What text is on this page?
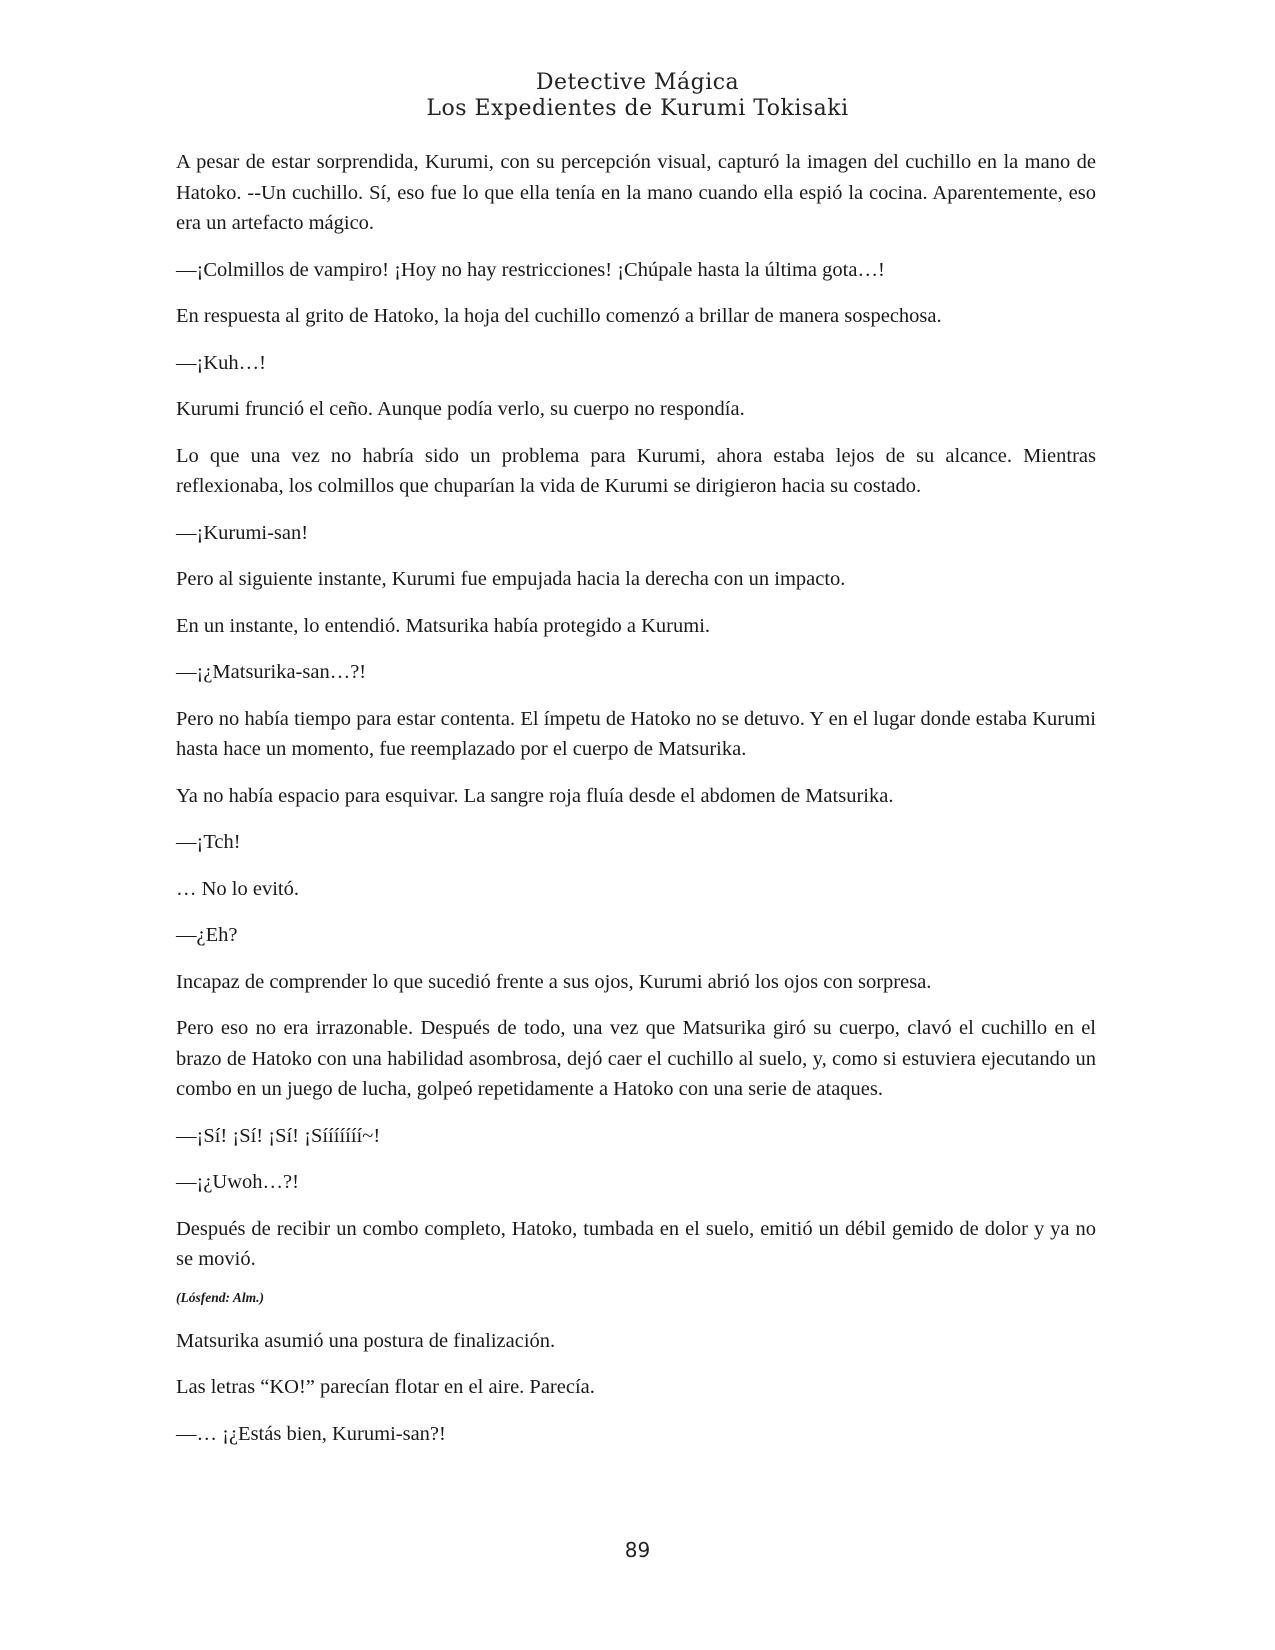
Detective Mágica
Los Expedientes de Kurumi Tokisaki

A pesar de estar sorprendida, Kurumi, con su percepción visual, capturó la imagen del cuchillo en la mano de Hatoko. --Un cuchillo. Sí, eso fue lo que ella tenía en la mano cuando ella espió la cocina. Aparentemente, eso era un artefacto mágico.

—¡Colmillos de vampiro! ¡Hoy no hay restricciones! ¡Chúpale hasta la última gota…!

En respuesta al grito de Hatoko, la hoja del cuchillo comenzó a brillar de manera sospechosa.

—¡Kuh…!

Kurumi frunció el ceño. Aunque podía verlo, su cuerpo no respondía.

Lo que una vez no habría sido un problema para Kurumi, ahora estaba lejos de su alcance. Mientras reflexionaba, los colmillos que chuparían la vida de Kurumi se dirigieron hacia su costado.

—¡Kurumi-san!

Pero al siguiente instante, Kurumi fue empujada hacia la derecha con un impacto.

En un instante, lo entendió. Matsurika había protegido a Kurumi.

—¡¿Matsurika-san…?!

Pero no había tiempo para estar contenta. El ímpetu de Hatoko no se detuvo. Y en el lugar donde estaba Kurumi hasta hace un momento, fue reemplazado por el cuerpo de Matsurika.

Ya no había espacio para esquivar. La sangre roja fluía desde el abdomen de Matsurika.

—¡Tch!

… No lo evitó.

—¿Eh?

Incapaz de comprender lo que sucedió frente a sus ojos, Kurumi abrió los ojos con sorpresa.

Pero eso no era irrazonable. Después de todo, una vez que Matsurika giró su cuerpo, clavó el cuchillo en el brazo de Hatoko con una habilidad asombrosa, dejó caer el cuchillo al suelo, y, como si estuviera ejecutando un combo en un juego de lucha, golpeó repetidamente a Hatoko con una serie de ataques.

—¡Sí! ¡Sí! ¡Sí! ¡Sííííííí~!

—¡¿Uwoh…?!

Después de recibir un combo completo, Hatoko, tumbada en el suelo, emitió un débil gemido de dolor y ya no se movió.

(Lósfend: Alm.)

Matsurika asumió una postura de finalización.

Las letras “KO!” parecían flotar en el aire. Parecía.

—… ¡¿Estás bien, Kurumi-san?!

89
